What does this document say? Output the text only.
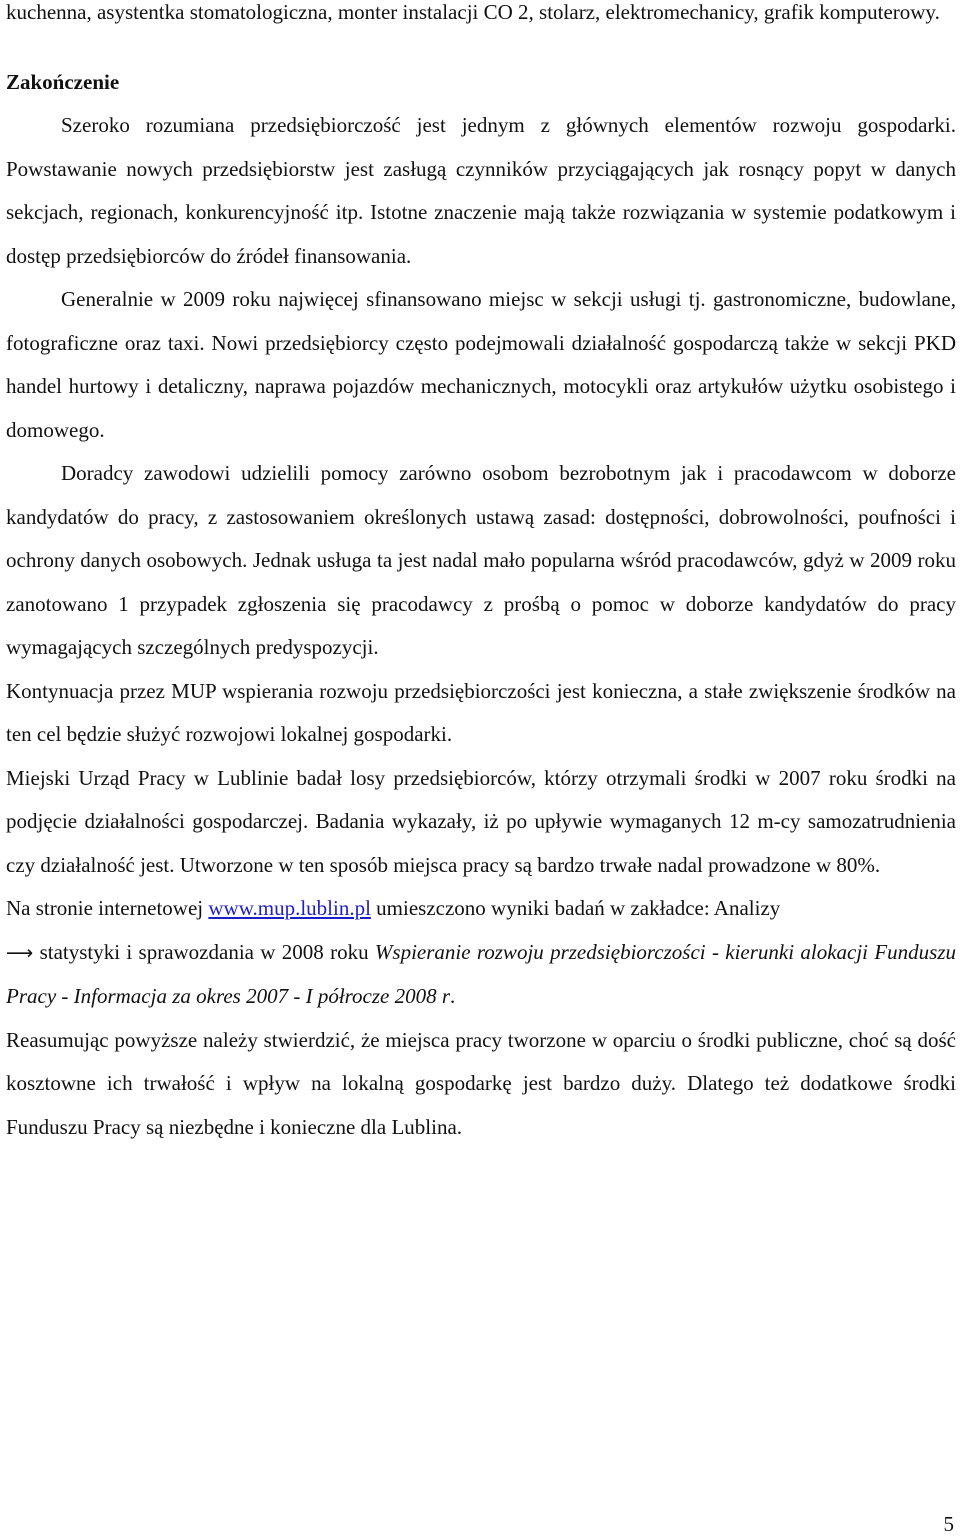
kuchenna, asystentka stomatologiczna, monter instalacji CO 2, stolarz, elektromechanicy, grafik komputerowy.

Zakończenie

Szeroko rozumiana przedsiębiorczość jest jednym z głównych elementów rozwoju gospodarki. Powstawanie nowych przedsiębiorstw jest zasługą czynników przyciągających jak rosnący popyt w danych sekcjach, regionach, konkurencyjność itp. Istotne znaczenie mają także rozwiązania w systemie podatkowym i dostęp przedsiębiorców do źródeł finansowania.

Generalnie w 2009 roku najwięcej sfinansowano miejsc w sekcji usługi tj. gastronomiczne, budowlane, fotograficzne oraz taxi. Nowi przedsiębiorcy często podejmowali działalność gospodarczą także w sekcji PKD handel hurtowy i detaliczny, naprawa pojazdów mechanicznych, motocykli oraz artykułów użytku osobistego i domowego.

Doradcy zawodowi udzielili pomocy zarówno osobom bezrobotnym jak i pracodawcom w doborze kandydatów do pracy, z zastosowaniem określonych ustawą zasad: dostępności, dobrowolności, poufności i ochrony danych osobowych. Jednak usługa ta jest nadal mało popularna wśród pracodawców, gdyż w 2009 roku zanotowano 1 przypadek zgłoszenia się pracodawcy z prośbą o pomoc w doborze kandydatów do pracy wymagających szczególnych predyspozycji.

Kontynuacja przez MUP wspierania rozwoju przedsiębiorczości jest konieczna, a stałe zwiększenie środków na ten cel będzie służyć rozwojowi lokalnej gospodarki.

Miejski Urząd Pracy w Lublinie badał losy przedsiębiorców, którzy otrzymali środki w 2007 roku środki na podjęcie działalności gospodarczej. Badania wykazały, iż po upływie wymaganych 12 m-cy samozatrudnienia czy działalność jest. Utworzone w ten sposób miejsca pracy są bardzo trwałe nadal prowadzone w 80%.

Na stronie internetowej www.mup.lublin.pl umieszczono wyniki badań w zakładce: Analizy
⟶ statystyki i sprawozdania w 2008 roku Wspieranie rozwoju przedsiębiorczości - kierunki alokacji Funduszu Pracy - Informacja za okres 2007 - I półrocze 2008 r.

Reasumując powyższe należy stwierdzić, że miejsca pracy tworzone w oparciu o środki publiczne, choć są dość kosztowne ich trwałość i wpływ na lokalną gospodarkę jest bardzo duży. Dlatego też dodatkowe środki Funduszu Pracy są niezbędne i konieczne dla Lublina.

5
